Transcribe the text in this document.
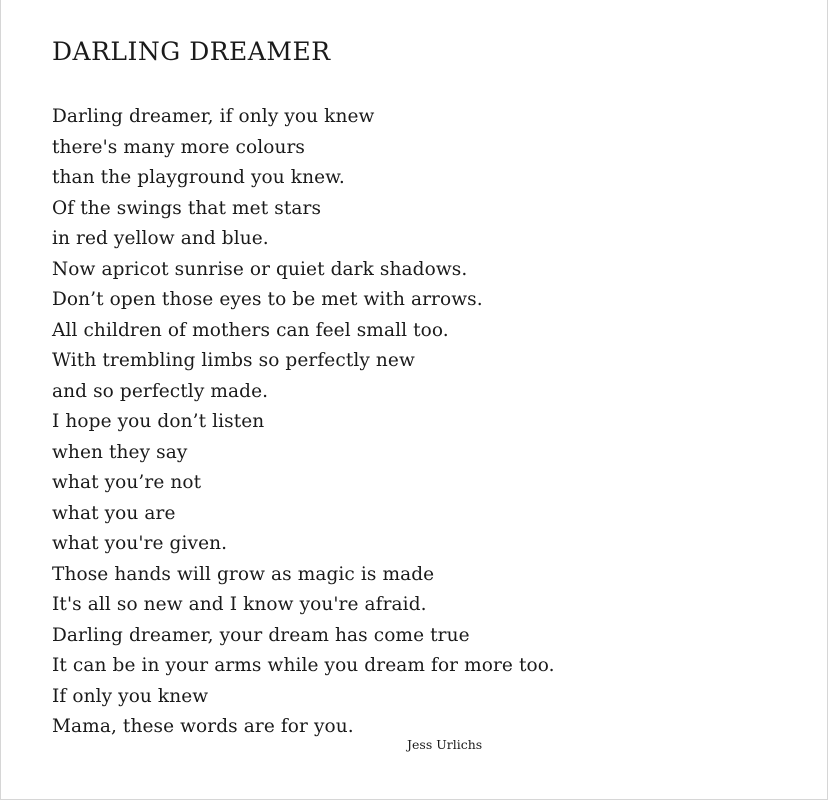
DARLING DREAMER
Darling dreamer, if only you knew
there's many more colours
than the playground you knew.
Of the swings that met stars
in red yellow and blue.
Now apricot sunrise or quiet dark shadows.
Don’t open those eyes to be met with arrows.
All children of mothers can feel small too.
With trembling limbs so perfectly new
and so perfectly made.
I hope you don’t listen
when they say
what you’re not
what you are
what you're given.
Those hands will grow as magic is made
It's all so new and I know you're afraid.
Darling dreamer, your dream has come true
It can be in your arms while you dream for more too.
If only you knew
Mama, these words are for you.
Jess Urlichs
